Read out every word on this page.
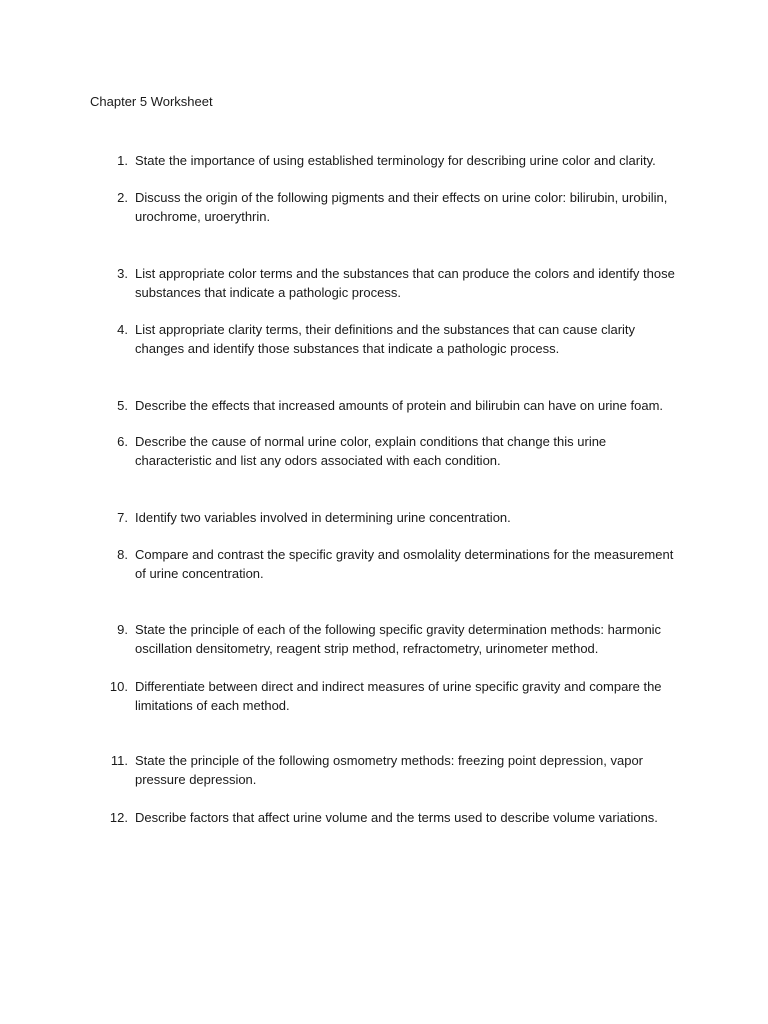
Chapter 5 Worksheet
1. State the importance of using established terminology for describing urine color and clarity.
2. Discuss the origin of the following pigments and their effects on urine color: bilirubin, urobilin, urochrome, uroerythrin.
3. List appropriate color terms and the substances that can produce the colors and identify those substances that indicate a pathologic process.
4. List appropriate clarity terms, their definitions and the substances that can cause clarity changes and identify those substances that indicate a pathologic process.
5. Describe the effects that increased amounts of protein and bilirubin can have on urine foam.
6. Describe the cause of normal urine color, explain conditions that change this urine characteristic and list any odors associated with each condition.
7. Identify two variables involved in determining urine concentration.
8. Compare and contrast the specific gravity and osmolality determinations for the measurement of urine concentration.
9. State the principle of each of the following specific gravity determination methods: harmonic oscillation densitometry, reagent strip method, refractometry, urinometer method.
10. Differentiate between direct and indirect measures of urine specific gravity and compare the limitations of each method.
11. State the principle of the following osmometry methods: freezing point depression, vapor pressure depression.
12. Describe factors that affect urine volume and the terms used to describe volume variations.
